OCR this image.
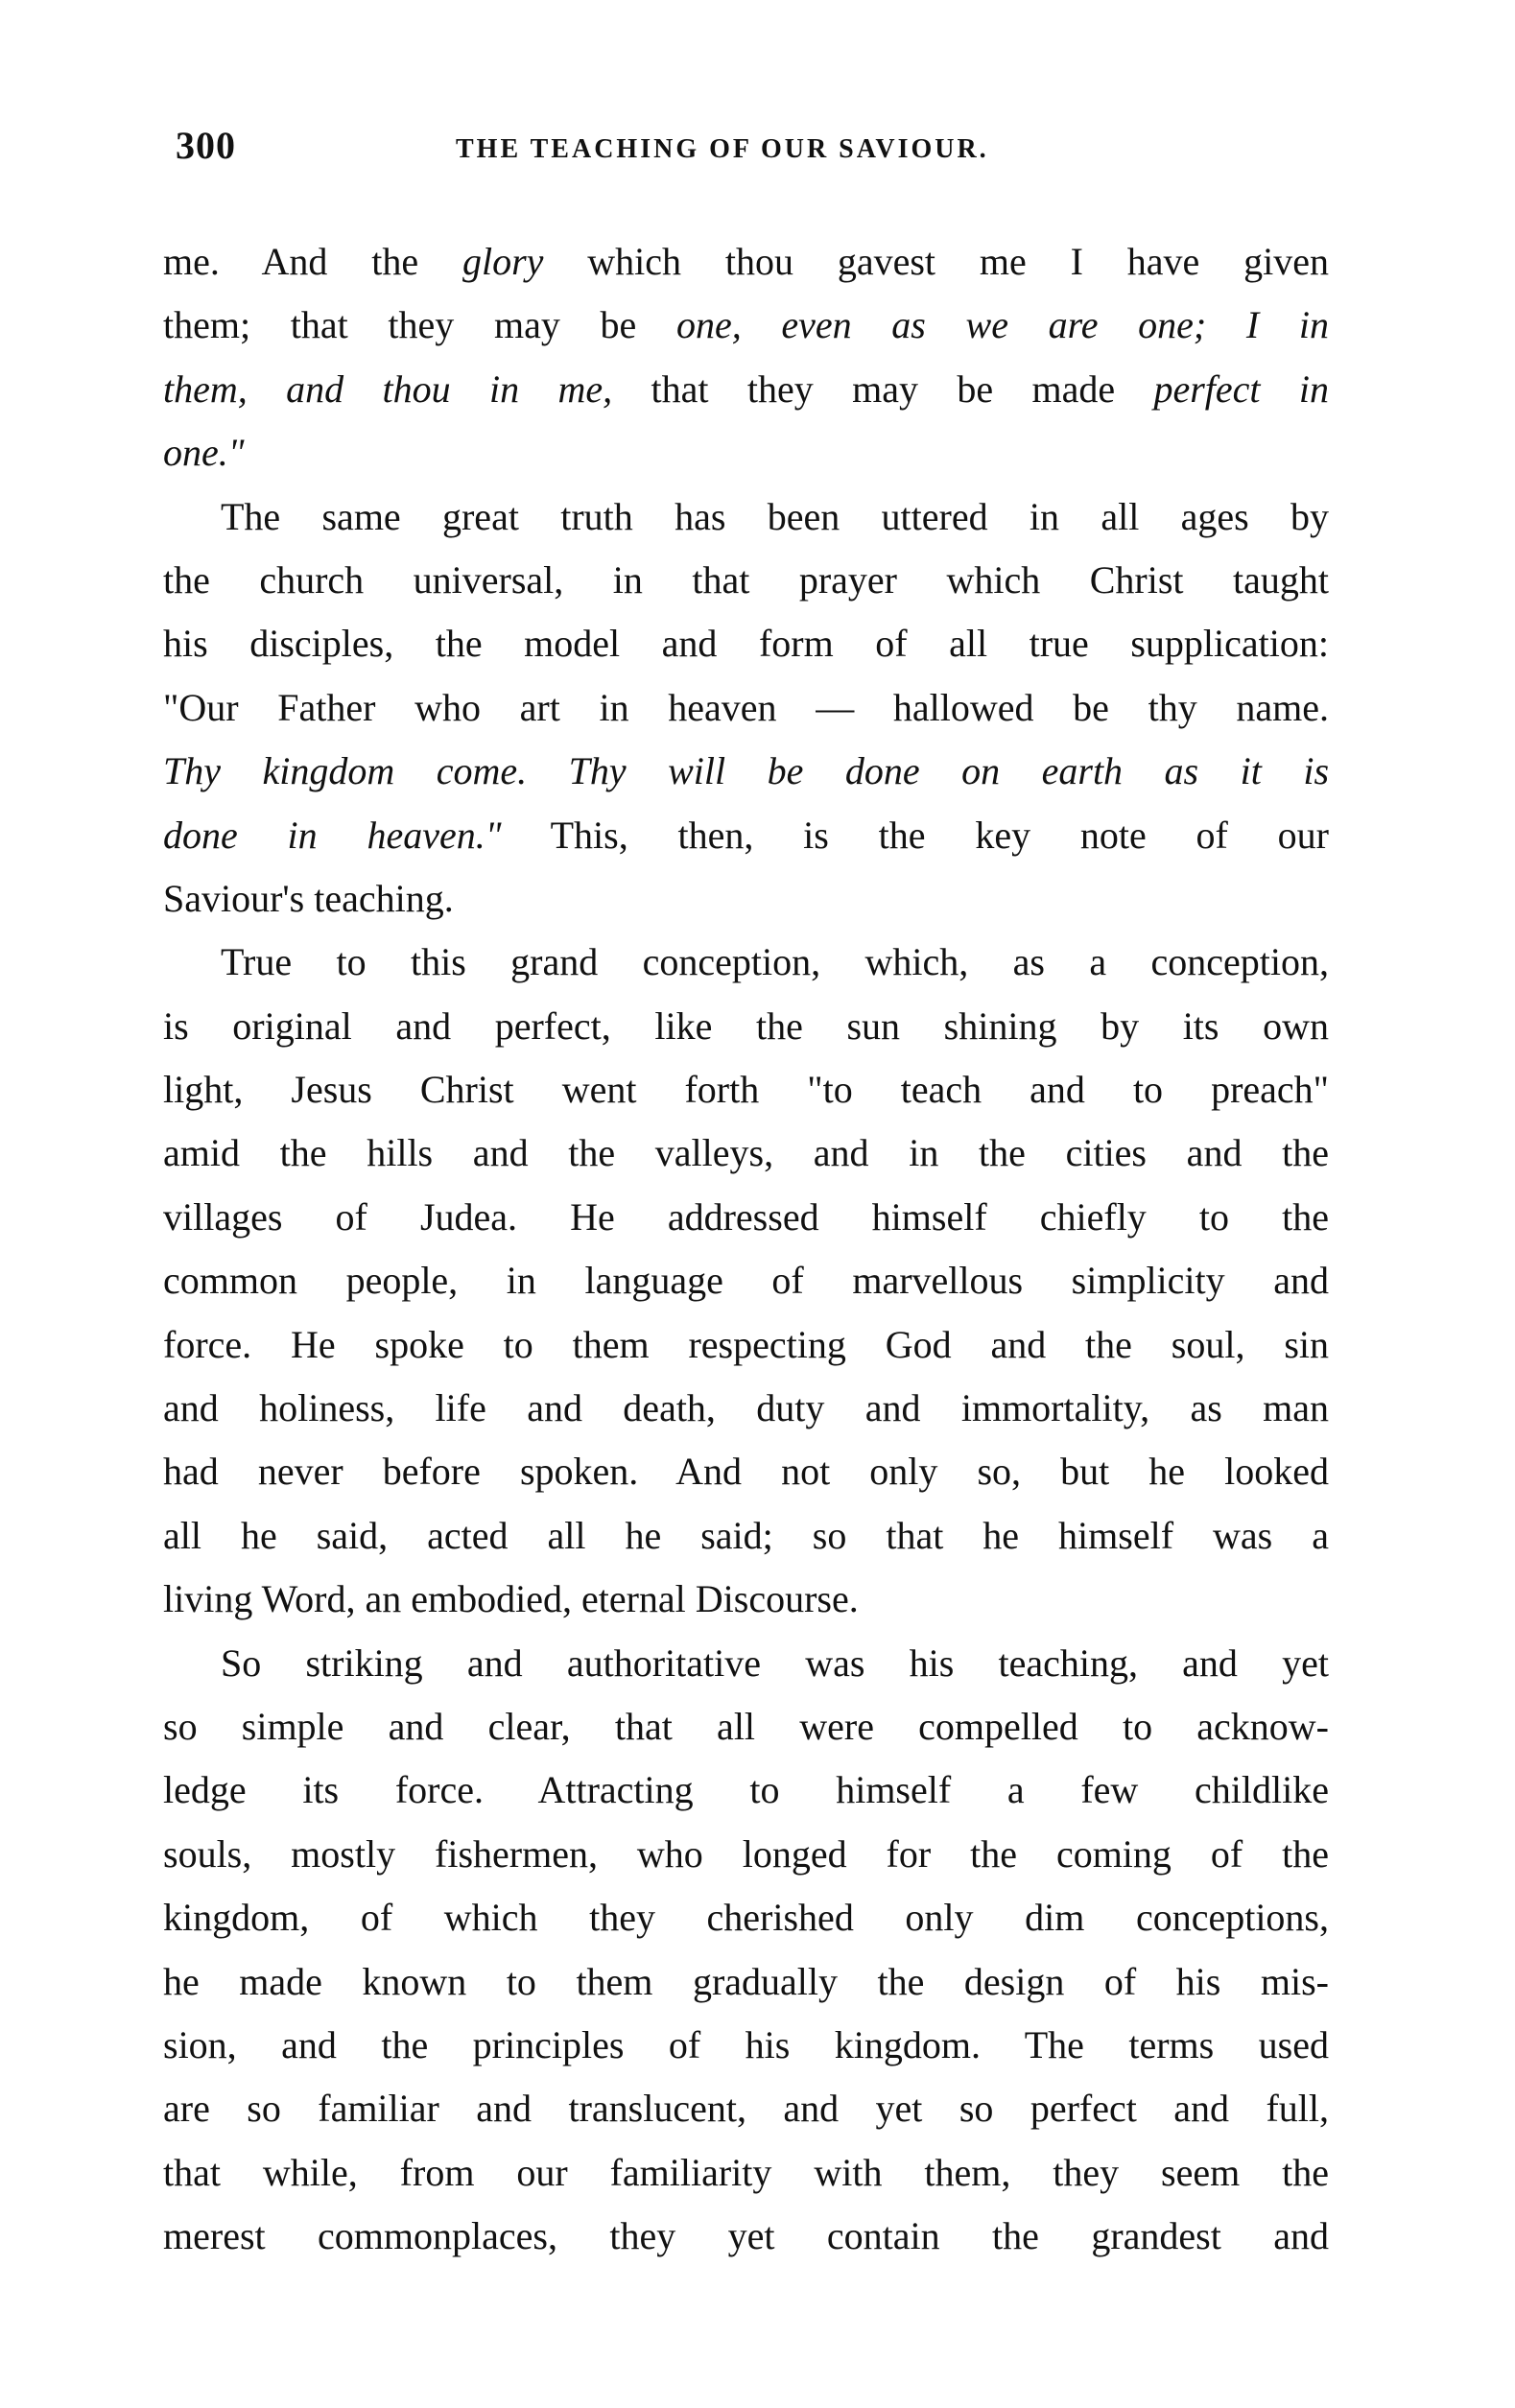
300	THE TEACHING OF OUR SAVIOUR.
me. And the glory which thou gavest me I have given
them; that they may be one, even as we are one; I in
them, and thou in me, that they may be made perfect in
one."
The same great truth has been uttered in all ages by
the church universal, in that prayer which Christ taught
his disciples, the model and form of all true supplication:
"Our Father who art in heaven — hallowed be thy name.
Thy kingdom come. Thy will be done on earth as it is
done in heaven." This, then, is the key note of our
Saviour's teaching.
True to this grand conception, which, as a conception,
is original and perfect, like the sun shining by its own
light, Jesus Christ went forth "to teach and to preach"
amid the hills and the valleys, and in the cities and the
villages of Judea. He addressed himself chiefly to the
common people, in language of marvellous simplicity and
force. He spoke to them respecting God and the soul, sin
and holiness, life and death, duty and immortality, as man
had never before spoken. And not only so, but he looked
all he said, acted all he said; so that he himself was a
living Word, an embodied, eternal Discourse.
So striking and authoritative was his teaching, and yet
so simple and clear, that all were compelled to acknow-
ledge its force. Attracting to himself a few childlike
souls, mostly fishermen, who longed for the coming of the
kingdom, of which they cherished only dim conceptions,
he made known to them gradually the design of his mis-
sion, and the principles of his kingdom. The terms used
are so familiar and translucent, and yet so perfect and full,
that while, from our familiarity with them, they seem the
merest commonplaces, they yet contain the grandest and
